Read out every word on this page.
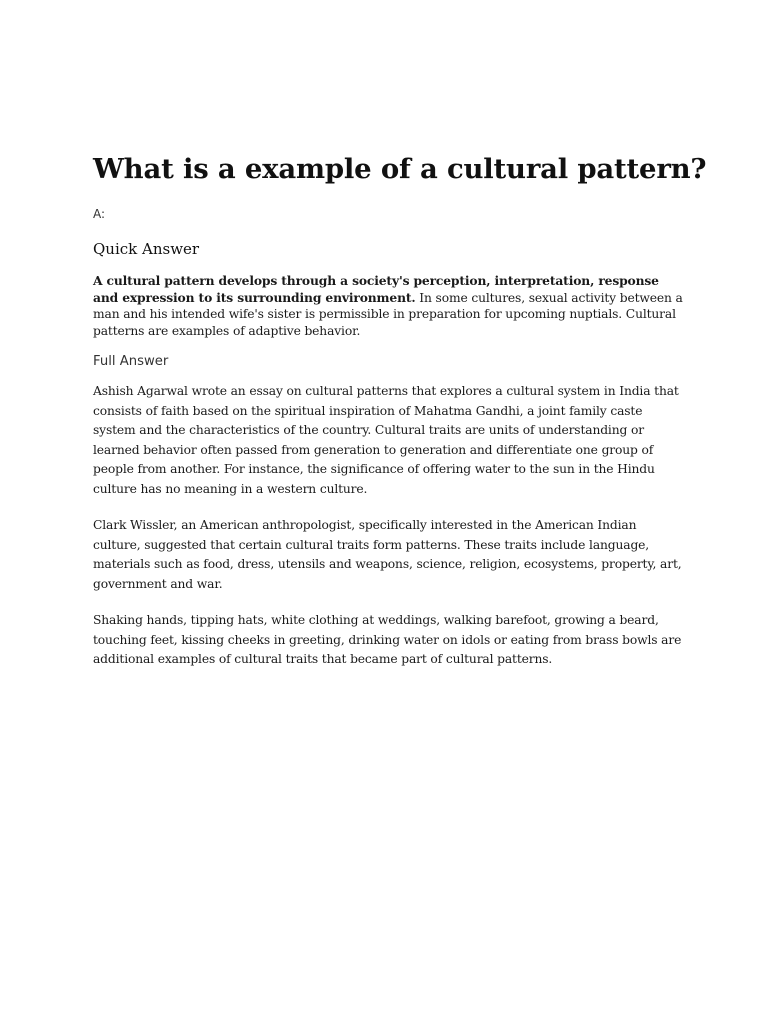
What is a example of a cultural pattern?
A:
Quick Answer

A cultural pattern develops through a society's perception, interpretation, response and expression to its surrounding environment. In some cultures, sexual activity between a man and his intended wife's sister is permissible in preparation for upcoming nuptials. Cultural patterns are examples of adaptive behavior.

Full Answer

Ashish Agarwal wrote an essay on cultural patterns that explores a cultural system in India that consists of faith based on the spiritual inspiration of Mahatma Gandhi, a joint family caste system and the characteristics of the country. Cultural traits are units of understanding or learned behavior often passed from generation to generation and differentiate one group of people from another. For instance, the significance of offering water to the sun in the Hindu culture has no meaning in a western culture.

Clark Wissler, an American anthropologist, specifically interested in the American Indian culture, suggested that certain cultural traits form patterns. These traits include language, materials such as food, dress, utensils and weapons, science, religion, ecosystems, property, art, government and war.

Shaking hands, tipping hats, white clothing at weddings, walking barefoot, growing a beard, touching feet, kissing cheeks in greeting, drinking water on idols or eating from brass bowls are additional examples of cultural traits that became part of cultural patterns.
